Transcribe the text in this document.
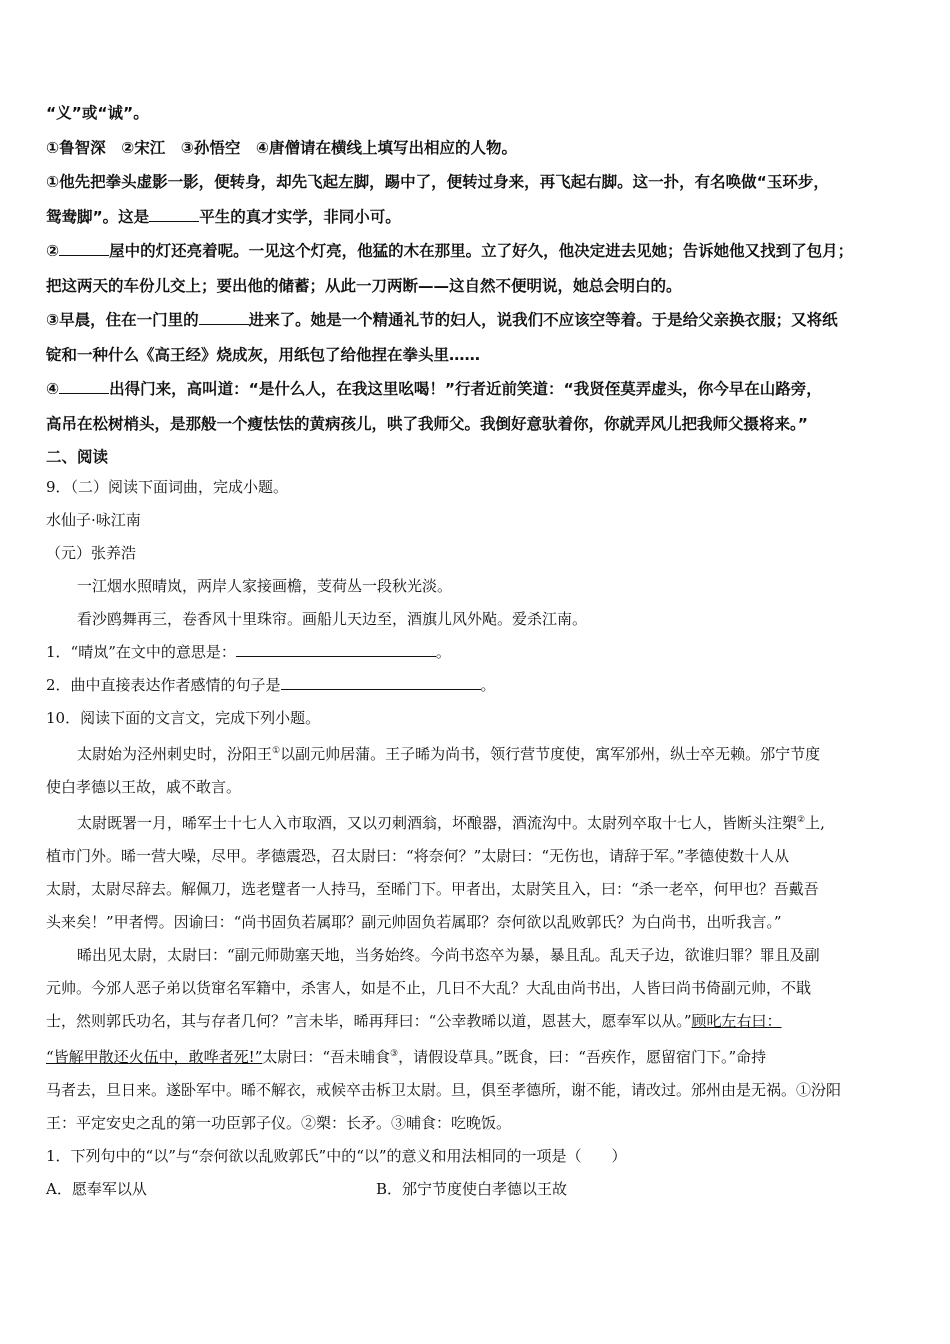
“义”或“诚”。
①鲁智深　②宋江　③孙悟空　④唐僧请在横线上填写出相应的人物。
①他先把拳头虚影一影，便转身，却先飞起左脚，踢中了，便转过身来，再飞起右脚。这一扑，有名唤做“玉环步，
鸳鸯脚”。这是	平生的真才实学，非同小可。
②	屋中的灯还亮着呢。一见这个灯亮，他猛的木在那里。立了好久，他决定进去见她；告诉她他又找到了包月；
把这两天的车份儿交上；要出他的储蓄；从此一刀两断——这自然不便明说，她总会明白的。
③早晨，住在一门里的	进来了。她是一个精通礼节的妇人，说我们不应该空等着。于是给父亲换衣服；又将纸
锭和一种什么《高王经》烧成灰，用纸包了给他捏在拳头里……
④	出得门来，高叫道：“是什么人，在我这里吆喝！”行者近前笑道：“我贤侄莫弄虚头，你今早在山路旁，
高吊在松树梢头，是那般一个瘦怯怯的黄病孩儿，哄了我师父。我倒好意驮着你，你就弄风儿把我师父摄将来。”
二、阅读
9．（二）阅读下面词曲，完成小题。
水仙子·咏江南
（元）张养浩
一江烟水照晴岚，两岸人家接画檐，芰荷丛一段秋光淡。
看沙鸥舞再三，卷香风十里珠帘。画船儿天边至，酒旗儿风外飐。爱杀江南。
1．“晴岚”在文中的意思是：	。
2．曲中直接表达作者感情的句子是	。
10．阅读下面的文言文，完成下列小题。
太尉始为泾州刺史时，汾阳王①以副元帅居蒲。王子晞为尚书，领行营节度使，寓军邠州，纵士卒无赖。邠宁节度
使白孝德以王故，戚不敢言。
太尉既署一月，晞军士十七人入市取酒，又以刃刺酒翁，坏酿器，酒流沟中。太尉列卒取十七人，皆断头注槊②上,
植市门外。晞一营大噪，尽甲。孝德震恐，召太尉曰：“将奈何？”太尉曰：“无伤也，请辞于军。”孝德使数十人从
太尉，太尉尽辞去。解佩刀，选老躄者一人持马，至晞门下。甲者出，太尉笑且入，曰：“杀一老卒，何甲也？吾戴吾
头来矣！”甲者愕。因谕曰：“尚书固负若属耶？副元帅固负若属耶？奈何欲以乱败郭氏？为白尚书，出听我言。”
晞出见太尉，太尉曰：“副元师勋塞天地，当务始终。今尚书恣卒为暴，暴且乱。乱天子边，欲谁归罪？罪且及副
元帅。今邠人恶子弟以货窜名军籍中，杀害人，如是不止，几日不大乱？大乱由尚书出，人皆曰尚书倚副元帅，不戢
士，然则郭氏功名，其与存者几何？”言未毕，晞再拜曰：“公幸教晞以道，恩甚大，愿奉军以从。”顾叱左右曰：
“皆解甲散还火伍中，敢哗者死!”太尉曰：“吾未晡食③，请假设草具。”既食，曰：“吾疾作，愿留宿门下。”命持
马者去，旦日来。遂卧军中。晞不解衣，戒候卒击柝卫太尉。旦，俱至孝德所，谢不能，请改过。邠州由是无祸。①汾阳
王：平定安史之乱的第一功臣郭子仪。②槊：长矛。③晡食：吃晚饭。
1．下列句中的“以”与“奈何欲以乱败郭氏”中的“以”的意义和用法相同的一项是（　　）
A．愿奉军以从	B．邠宁节度使白孝德以王故
